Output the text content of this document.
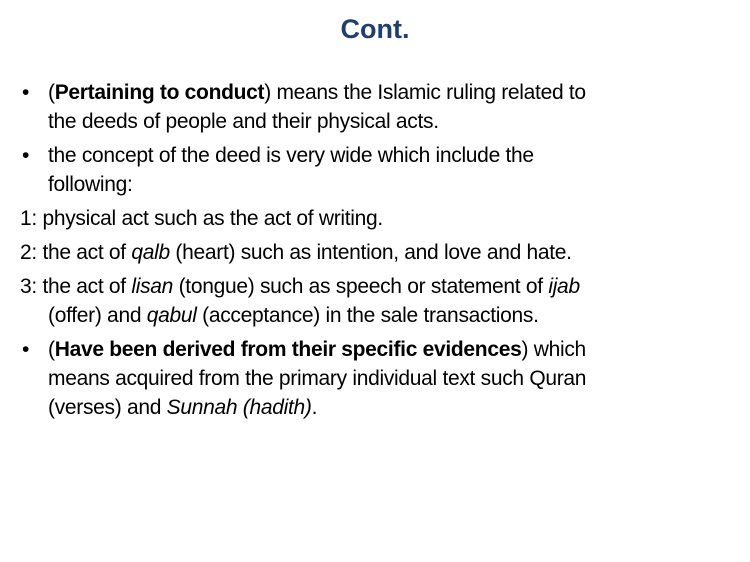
Cont.
• (Pertaining to conduct) means the Islamic ruling related to
the deeds of people and their physical acts.
• the concept of the deed is very wide which include the
following:
1: physical act such as the act of writing.
2: the act of qalb (heart) such as intention, and love and hate.
3: the act of lisan (tongue) such as speech or statement of ijab
(offer) and qabul (acceptance) in the sale transactions.
• (Have been derived from their specific evidences) which
means acquired from the primary individual text such Quran
(verses) and Sunnah (hadith).
